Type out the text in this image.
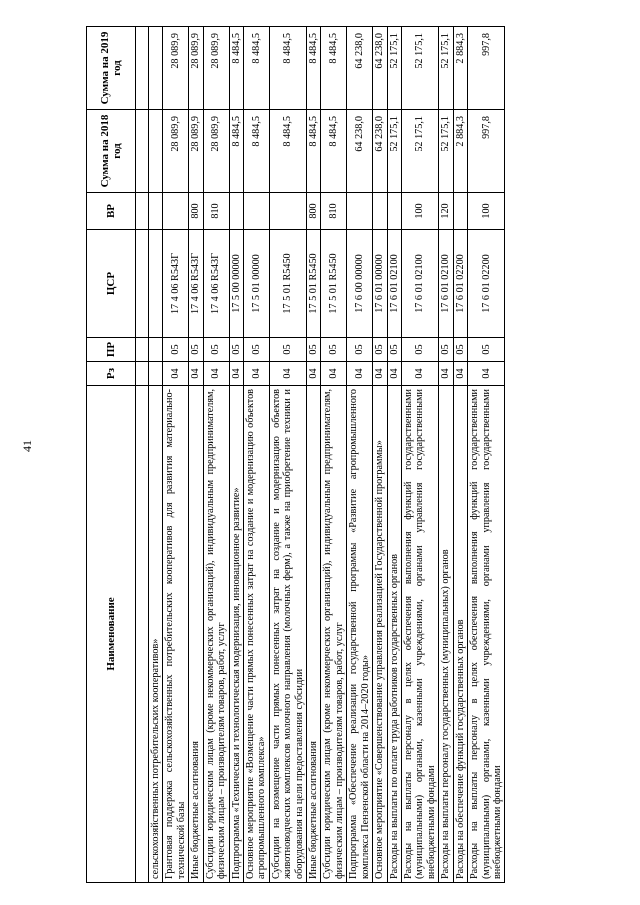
41
Наименование	Рз	ПР	ЦСР	ВР	Сумма на 2018 год	Сумма на 2019 год

сельскохозяйственных потребительских кооперативов»						
Грантовая поддержка сельскохозяйственных потребительских кооперативов для развития материально-технической базы	04	05	17 4 06 R543Г		28 089,9	28 089,9
Иные бюджетные ассигнования	04	05	17 4 06 R543Г	800	28 089,9	28 089,9
Субсидии юридическим лицам (кроме некоммерческих организаций), индивидуальным предпринимателям, физическим лицам – производителям товаров, работ, услуг	04	05	17 4 06 R543Г	810	28 089,9	28 089,9
Подпрограмма «Техническая и технологическая модернизация, инновационное развитие»	04	05	17 5 00 00000		8 484,5	8 484,5
Основное мероприятие «Возмещение части прямых понесенных затрат на создание и модернизацию объектов агропромышленного комплекса»	04	05	17 5 01 00000		8 484,5	8 484,5
Субсидии на возмещение части прямых понесенных затрат на создание и модернизацию объектов животноводческих комплексов молочного направления (молочных ферм), а также на приобретение техники и оборудования на цели предоставления субсидии	04	05	17 5 01 R5450		8 484,5	8 484,5
Иные бюджетные ассигнования	04	05	17 5 01 R5450	800	8 484,5	8 484,5
Субсидии юридическим лицам (кроме некоммерческих организаций), индивидуальным предпринимателям, физическим лицам – производителям товаров, работ, услуг	04	05	17 5 01 R5450	810	8 484,5	8 484,5
Подпрограмма «Обеспечение реализации государственной программы «Развитие агропромышленного комплекса Пензенской области на 2014–2020 годы»	04	05	17 6 00 00000		64 238,0	64 238,0
Основное мероприятие «Совершенствование управления реализацией Государственной программы»	04	05	17 6 01 00000		64 238,0	64 238,0
Расходы на выплаты по оплате труда работников государственных органов	04	05	17 6 01 02100		52 175,1	52 175,1
Расходы на выплаты персоналу в целях обеспечения выполнения функций государственными (муниципальными) органами, казенными учреждениями, органами управления государственными внебюджетными фондами	04	05	17 6 01 02100	100	52 175,1	52 175,1
Расходы на выплаты персоналу государственных (муниципальных) органов	04	05	17 6 01 02100	120	52 175,1	52 175,1
Расходы на обеспечение функций государственных органов	04	05	17 6 01 02200		2 884,3	2 884,3
Расходы на выплаты персоналу в целях обеспечения выполнения функций государственными (муниципальными) органами, казенными учреждениями, органами управления государственными внебюджетными фондами	04	05	17 6 01 02200	100	997,8	997,8
